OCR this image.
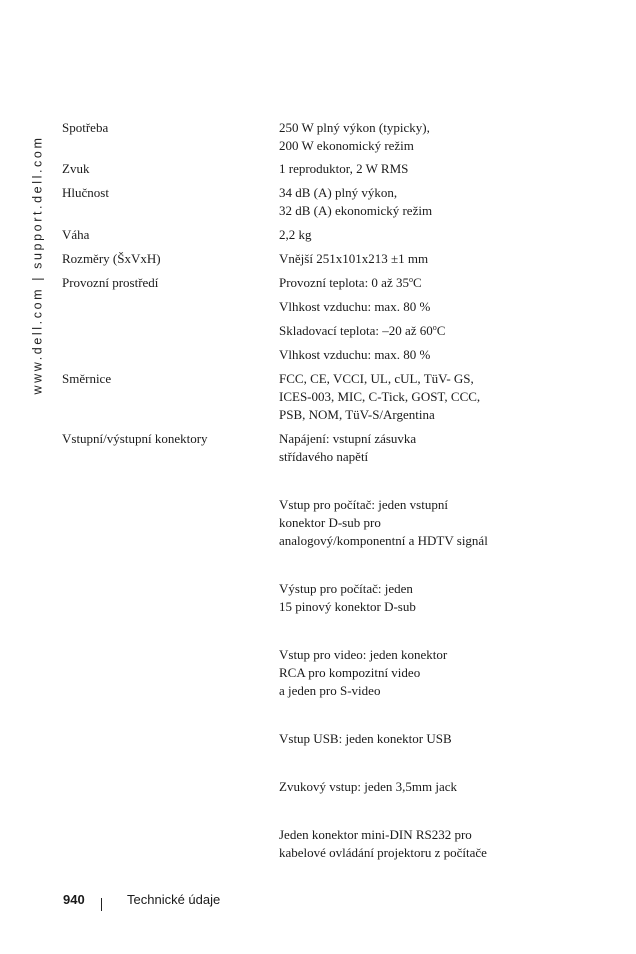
www.dell.com | support.dell.com
Spotřeba	250 W plný výkon (typicky),
200 W ekonomický režim
Zvuk	1 reproduktor, 2 W RMS
Hlučnost	34 dB (A) plný výkon,
32 dB (A) ekonomický režim
Váha	2,2 kg
Rozměry (ŠxVxH)	Vnější 251x101x213 ±1 mm
Provozní prostředí	Provozní teplota: 0 až 35$^o$C
Vlhkost vzduchu: max. 80 %
Skladovací teplota: –20 až 60$^o$C
Vlhkost vzduchu: max. 80 %
Směrnice	FCC, CE, VCCI, UL, cUL, TüV- GS,
ICES-003, MIC, C-Tick, GOST, CCC,
PSB, NOM, TüV-S/Argentina
Vstupní/výstupní konektory	Napájení: vstupní zásuvka
střídavého napětí
Vstup pro počítač: jeden vstupní
konektor D-sub pro
analogový/komponentní a HDTV signál
Výstup pro počítač: jeden
15 pinový konektor D-sub
Vstup pro video: jeden konektor
RCA pro kompozitní video
a jeden pro S-video
Vstup USB: jeden konektor USB
Zvukový vstup: jeden 3,5mm jack
Jeden konektor mini-DIN RS232 pro
kabelové ovládání projektoru z počítače
940	Technické údaje
